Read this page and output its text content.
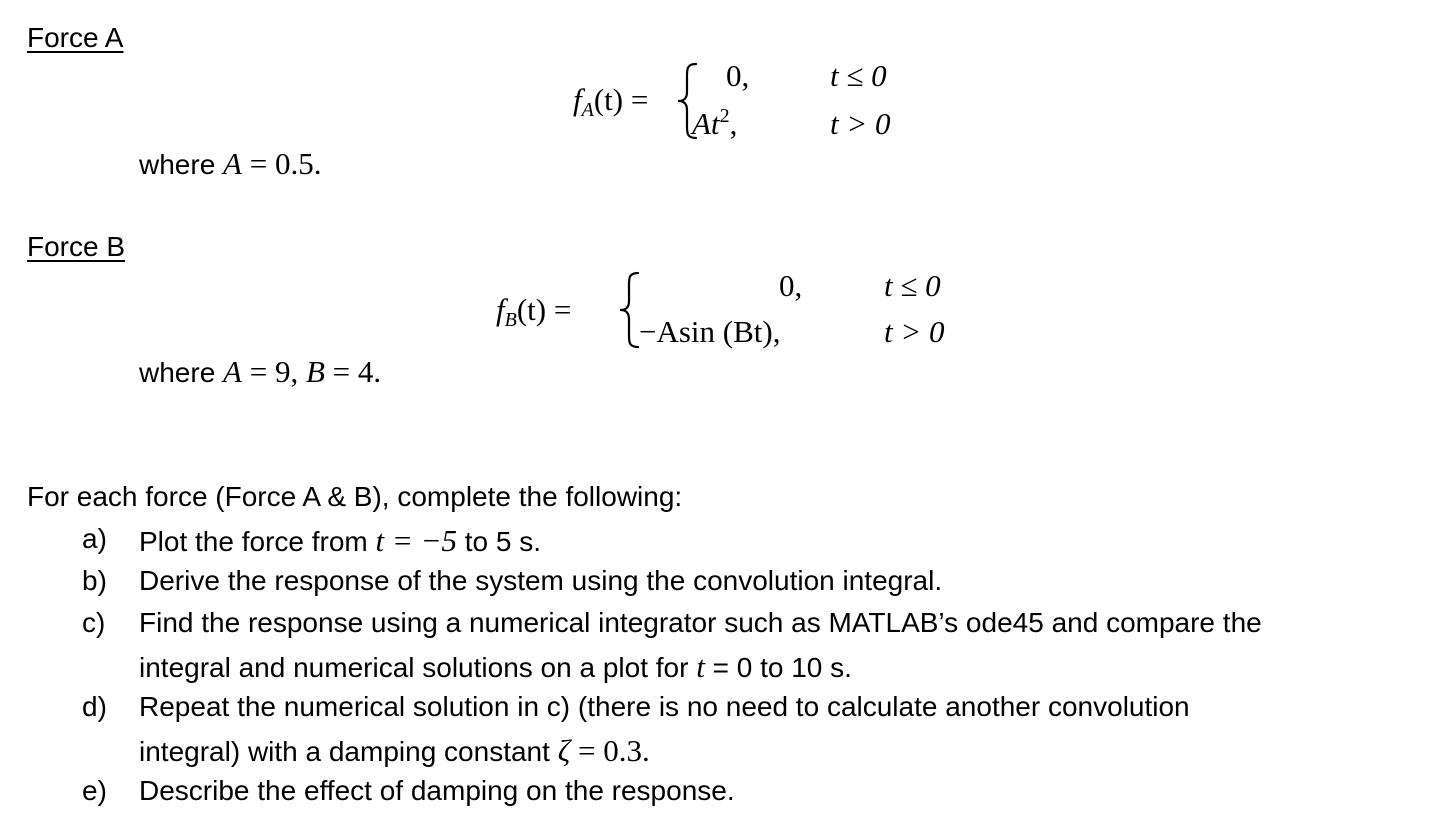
Force A
fA(t) =
0,	t ≤ 0
At$^2$,	t > 0
where A = 0.5.
Force B
fB(t) =
0,	t ≤ 0
−Asin (Bt),	t > 0
where A = 9, B = 4.
For each force (Force A & B), complete the following:
a) Plot the force from t = −5 to 5 s.
b) Derive the response of the system using the convolution integral.
c) Find the response using a numerical integrator such as MATLAB’s ode45 and compare the
integral and numerical solutions on a plot for t = 0 to 10 s.
d) Repeat the numerical solution in c) (there is no need to calculate another convolution
integral) with a damping constant ζ = 0.3.
e) Describe the effect of damping on the response.
